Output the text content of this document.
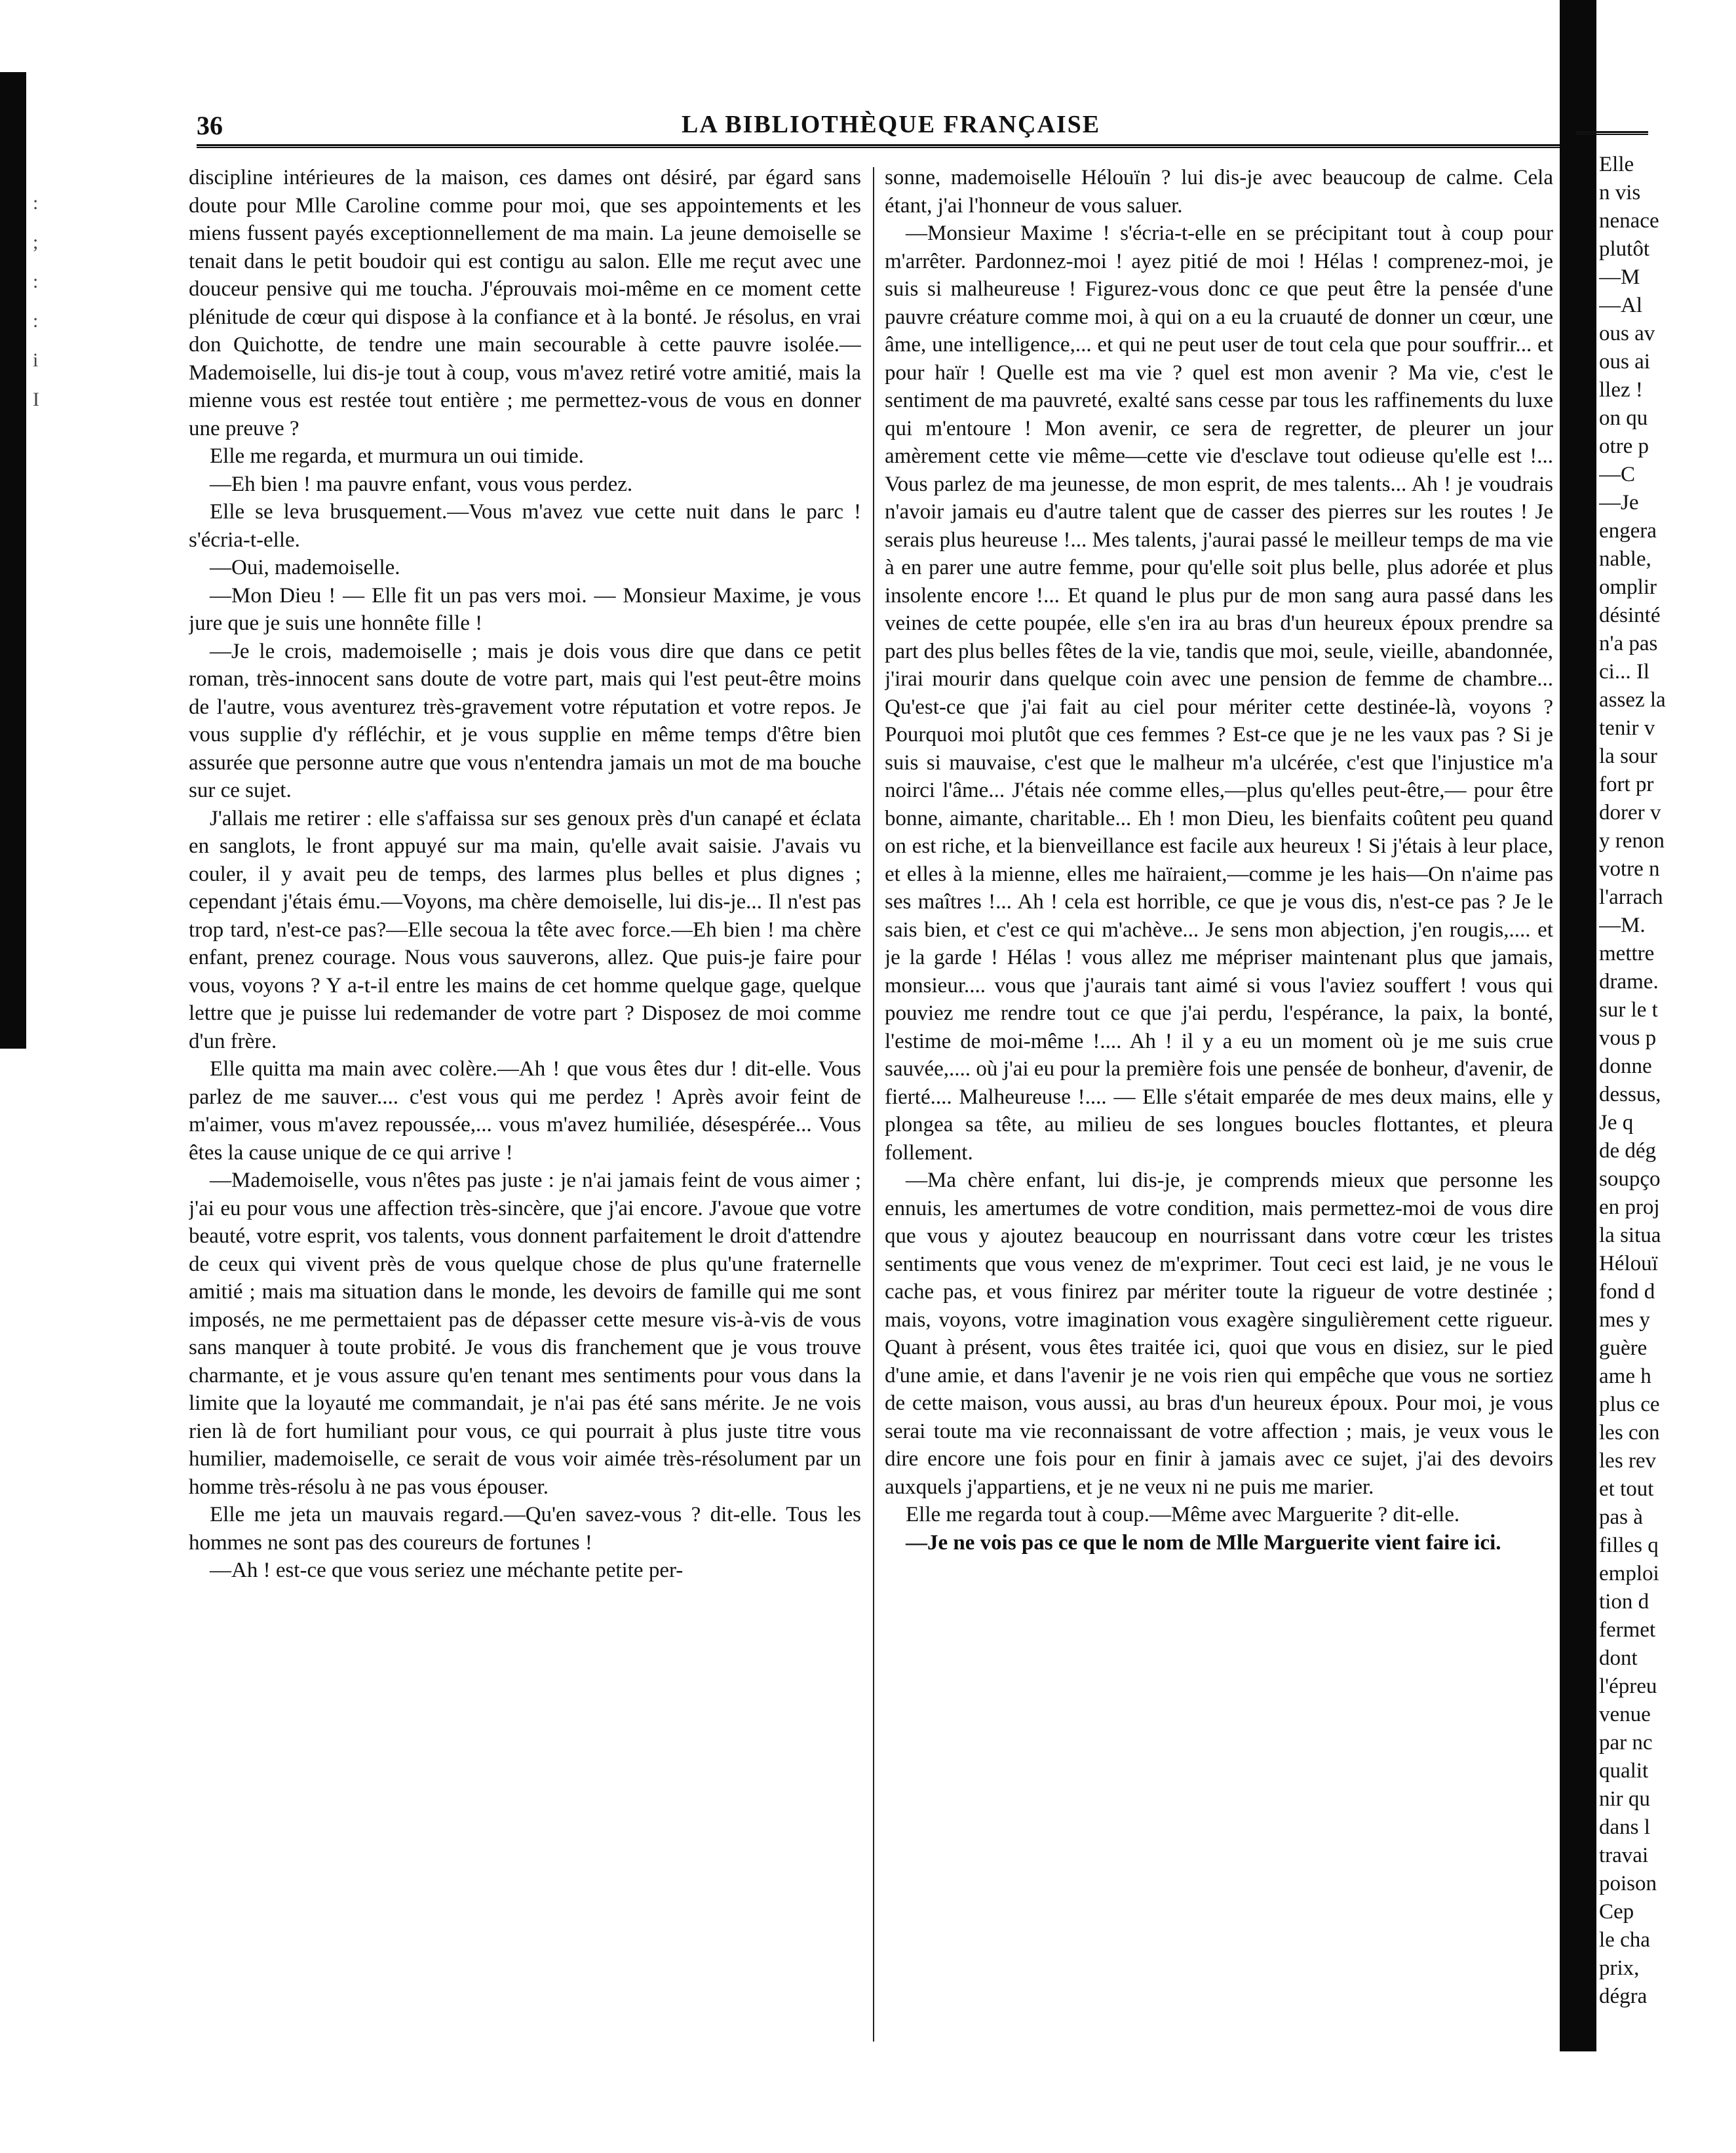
:
;
:
:
i
I
36	LA BIBLIOTHÈQUE FRANÇAISE

discipline intérieures de la maison, ces dames ont désiré, par égard sans doute pour Mlle Caroline comme pour moi, que ses appointements et les miens fussent payés exceptionnellement de ma main. La jeune demoiselle se tenait dans le petit boudoir qui est contigu au salon. Elle me reçut avec une douceur pensive qui me toucha. J'éprouvais moi-même en ce moment cette plénitude de cœur qui dispose à la confiance et à la bonté. Je résolus, en vrai don Quichotte, de tendre une main secourable à cette pauvre isolée.— Mademoiselle, lui dis-je tout à coup, vous m'avez retiré votre amitié, mais la mienne vous est restée tout entière ; me permettez-vous de vous en donner une preuve ?

Elle me regarda, et murmura un oui timide.

—Eh bien ! ma pauvre enfant, vous vous perdez.

Elle se leva brusquement.—Vous m'avez vue cette nuit dans le parc ! s'écria-t-elle.

—Oui, mademoiselle.

—Mon Dieu ! — Elle fit un pas vers moi. — Monsieur Maxime, je vous jure que je suis une honnête fille !

—Je le crois, mademoiselle ; mais je dois vous dire que dans ce petit roman, très-innocent sans doute de votre part, mais qui l'est peut-être moins de l'autre, vous aventurez très-gravement votre réputation et votre repos. Je vous supplie d'y réfléchir, et je vous supplie en même temps d'être bien assurée que personne autre que vous n'entendra jamais un mot de ma bouche sur ce sujet.

J'allais me retirer : elle s'affaissa sur ses genoux près d'un canapé et éclata en sanglots, le front appuyé sur ma main, qu'elle avait saisie. J'avais vu couler, il y avait peu de temps, des larmes plus belles et plus dignes ; cependant j'étais ému.—Voyons, ma chère demoiselle, lui dis-je... Il n'est pas trop tard, n'est-ce pas?—Elle secoua la tête avec force.—Eh bien ! ma chère enfant, prenez courage. Nous vous sauverons, allez. Que puis-je faire pour vous, voyons ? Y a-t-il entre les mains de cet homme quelque gage, quelque lettre que je puisse lui redemander de votre part ? Disposez de moi comme d'un frère.

Elle quitta ma main avec colère.—Ah ! que vous êtes dur ! dit-elle. Vous parlez de me sauver.... c'est vous qui me perdez ! Après avoir feint de m'aimer, vous m'avez repoussée,... vous m'avez humiliée, désespérée... Vous êtes la cause unique de ce qui arrive !

—Mademoiselle, vous n'êtes pas juste : je n'ai jamais feint de vous aimer ; j'ai eu pour vous une affection très-sincère, que j'ai encore. J'avoue que votre beauté, votre esprit, vos talents, vous donnent parfaitement le droit d'attendre de ceux qui vivent près de vous quelque chose de plus qu'une fraternelle amitié ; mais ma situation dans le monde, les devoirs de famille qui me sont imposés, ne me permettaient pas de dépasser cette mesure vis-à-vis de vous sans manquer à toute probité. Je vous dis franchement que je vous trouve charmante, et je vous assure qu'en tenant mes sentiments pour vous dans la limite que la loyauté me commandait, je n'ai pas été sans mérite. Je ne vois rien là de fort humiliant pour vous, ce qui pourrait à plus juste titre vous humilier, mademoiselle, ce serait de vous voir aimée très-résolument par un homme très-résolu à ne pas vous épouser.

Elle me jeta un mauvais regard.—Qu'en savez-vous ? dit-elle. Tous les hommes ne sont pas des coureurs de fortunes !

—Ah ! est-ce que vous seriez une méchante petite per-

sonne, mademoiselle Hélouïn ? lui dis-je avec beaucoup de calme. Cela étant, j'ai l'honneur de vous saluer.

—Monsieur Maxime ! s'écria-t-elle en se précipitant tout à coup pour m'arrêter. Pardonnez-moi ! ayez pitié de moi ! Hélas ! comprenez-moi, je suis si malheureuse ! Figurez-vous donc ce que peut être la pensée d'une pauvre créature comme moi, à qui on a eu la cruauté de donner un cœur, une âme, une intelligence,... et qui ne peut user de tout cela que pour souffrir... et pour haïr ! Quelle est ma vie ? quel est mon avenir ? Ma vie, c'est le sentiment de ma pauvreté, exalté sans cesse par tous les raffinements du luxe qui m'entoure ! Mon avenir, ce sera de regretter, de pleurer un jour amèrement cette vie même—cette vie d'esclave tout odieuse qu'elle est !... Vous parlez de ma jeunesse, de mon esprit, de mes talents... Ah ! je voudrais n'avoir jamais eu d'autre talent que de casser des pierres sur les routes ! Je serais plus heureuse !... Mes talents, j'aurai passé le meilleur temps de ma vie à en parer une autre femme, pour qu'elle soit plus belle, plus adorée et plus insolente encore !... Et quand le plus pur de mon sang aura passé dans les veines de cette poupée, elle s'en ira au bras d'un heureux époux prendre sa part des plus belles fêtes de la vie, tandis que moi, seule, vieille, abandonnée, j'irai mourir dans quelque coin avec une pension de femme de chambre... Qu'est-ce que j'ai fait au ciel pour mériter cette destinée-là, voyons ? Pourquoi moi plutôt que ces femmes ? Est-ce que je ne les vaux pas ? Si je suis si mauvaise, c'est que le malheur m'a ulcérée, c'est que l'injustice m'a noirci l'âme... J'étais née comme elles,—plus qu'elles peut-être,— pour être bonne, aimante, charitable... Eh ! mon Dieu, les bienfaits coûtent peu quand on est riche, et la bienveillance est facile aux heureux ! Si j'étais à leur place, et elles à la mienne, elles me haïraient,—comme je les hais—On n'aime pas ses maîtres !... Ah ! cela est horrible, ce que je vous dis, n'est-ce pas ? Je le sais bien, et c'est ce qui m'achève... Je sens mon abjection, j'en rougis,.... et je la garde ! Hélas ! vous allez me mépriser maintenant plus que jamais, monsieur.... vous que j'aurais tant aimé si vous l'aviez souffert ! vous qui pouviez me rendre tout ce que j'ai perdu, l'espérance, la paix, la bonté, l'estime de moi-même !.... Ah ! il y a eu un moment où je me suis crue sauvée,.... où j'ai eu pour la première fois une pensée de bonheur, d'avenir, de fierté.... Malheureuse !.... — Elle s'était emparée de mes deux mains, elle y plongea sa tête, au milieu de ses longues boucles flottantes, et pleura follement.

—Ma chère enfant, lui dis-je, je comprends mieux que personne les ennuis, les amertumes de votre condition, mais permettez-moi de vous dire que vous y ajoutez beaucoup en nourrissant dans votre cœur les tristes sentiments que vous venez de m'exprimer. Tout ceci est laid, je ne vous le cache pas, et vous finirez par mériter toute la rigueur de votre destinée ; mais, voyons, votre imagination vous exagère singulièrement cette rigueur. Quant à présent, vous êtes traitée ici, quoi que vous en disiez, sur le pied d'une amie, et dans l'avenir je ne vois rien qui empêche que vous ne sortiez de cette maison, vous aussi, au bras d'un heureux époux. Pour moi, je vous serai toute ma vie reconnaissant de votre affection ; mais, je veux vous le dire encore une fois pour en finir à jamais avec ce sujet, j'ai des devoirs auxquels j'appartiens, et je ne veux ni ne puis me marier.

Elle me regarda tout à coup.—Même avec Marguerite ? dit-elle.

—Je ne vois pas ce que le nom de Mlle Marguerite vient faire ici.

Elle
n vis
nenace
plutôt
—M
—Al
ous av
ous ai
llez !
on qu
otre p
—C
—Je
engera
nable,
omplir
désinté
n'a pas
ci... Il
assez la
tenir v
la sour
fort pr
dorer v
y renon
votre n
l'arrach
—M.
mettre
drame.
sur le t
vous p
donne
dessus,
Je q
de dég
soupço
en proj
la situa
Hélouï
fond d
mes y
guère
ame h
plus ce
les con
les rev
et tout
pas à
filles q
emploi
tion d
fermet
dont
l'épreu
venue
par nc
qualit
nir qu
dans l
travai
poison
Cep
le cha
prix,
dégra
